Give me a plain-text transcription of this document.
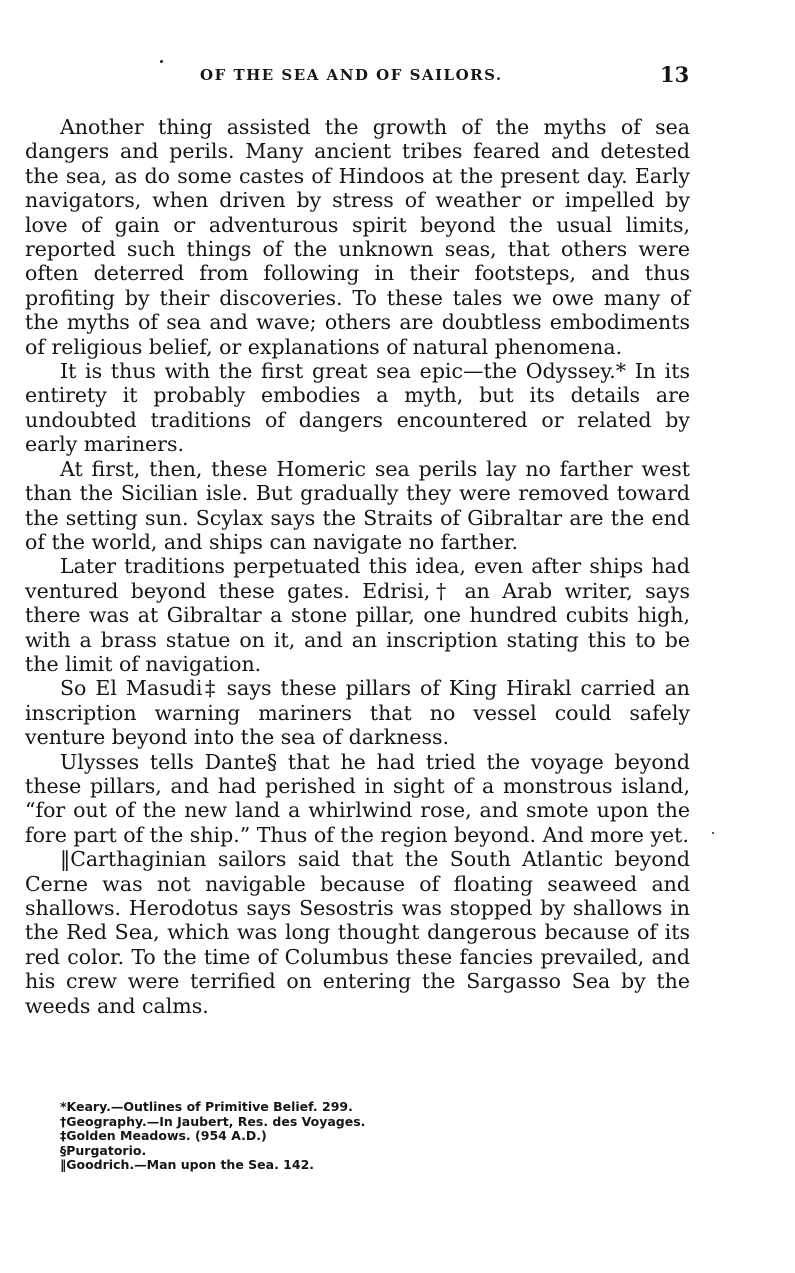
OF THE SEA AND OF SAILORS.	13

Another thing assisted the growth of the myths of sea dangers and perils. Many ancient tribes feared and detested the sea, as do some castes of Hindoos at the present day. Early navigators, when driven by stress of weather or impelled by love of gain or adventurous spirit beyond the usual limits, reported such things of the unknown seas, that others were often deterred from following in their footsteps, and thus profiting by their discoveries. To these tales we owe many of the myths of sea and wave; others are doubtless embodiments of religious belief, or explanations of natural phenomena.

It is thus with the first great sea epic—the Odyssey.* In its entirety it probably embodies a myth, but its details are undoubted traditions of dangers encountered or related by early mariners.

At first, then, these Homeric sea perils lay no farther west than the Sicilian isle. But gradually they were removed toward the setting sun. Scylax says the Straits of Gibraltar are the end of the world, and ships can navigate no farther.

Later traditions perpetuated this idea, even after ships had ventured beyond these gates. Edrisi,† an Arab writer, says there was at Gibraltar a stone pillar, one hundred cubits high, with a brass statue on it, and an inscription stating this to be the limit of navigation.

So El Masudi‡ says these pillars of King Hirakl carried an inscription warning mariners that no vessel could safely venture beyond into the sea of darkness.

Ulysses tells Dante§ that he had tried the voyage beyond these pillars, and had perished in sight of a monstrous island, “for out of the new land a whirlwind rose, and smote upon the fore part of the ship.” Thus of the region beyond. And more yet.

‖Carthaginian sailors said that the South Atlantic beyond Cerne was not navigable because of floating seaweed and shallows. Herodotus says Sesostris was stopped by shallows in the Red Sea, which was long thought dangerous because of its red color. To the time of Columbus these fancies prevailed, and his crew were terrified on entering the Sargasso Sea by the weeds and calms.

*Keary.—Outlines of Primitive Belief. 299.
†Geography.—In Jaubert, Res. des Voyages.
‡Golden Meadows. (954 A.D.)
§Purgatorio.
‖Goodrich.—Man upon the Sea. 142.
